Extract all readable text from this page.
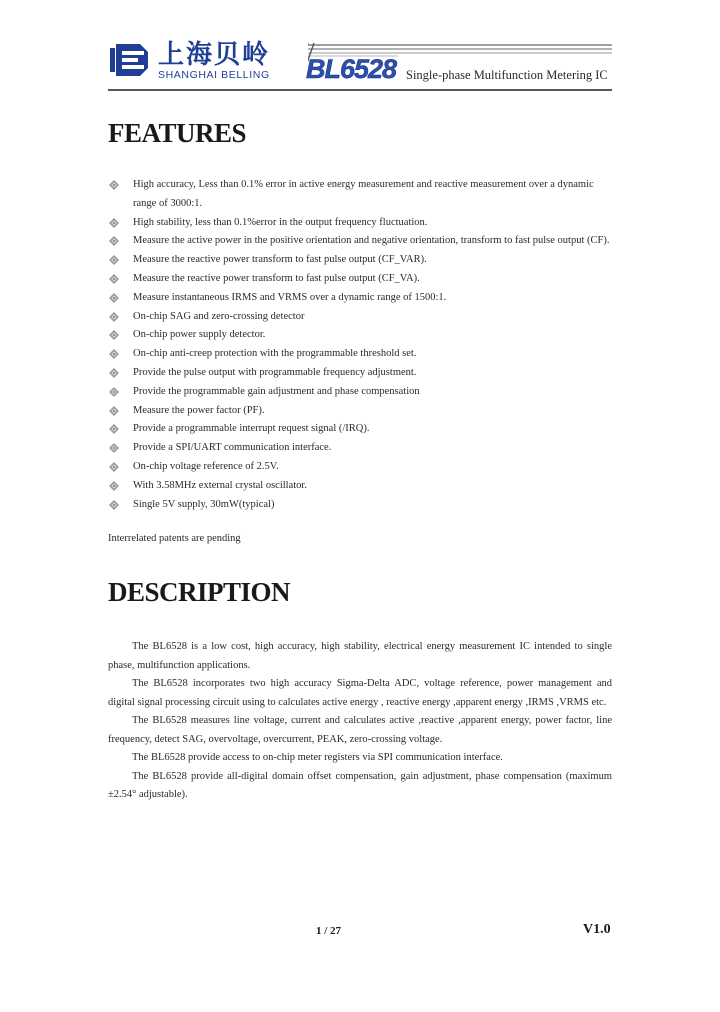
上海贝岭
SHANGHAI BELLING BL6528 Single-phase Multifunction Metering IC
FEATURES
High accuracy, Less than 0.1% error in active energy measurement and reactive measurement over a dynamic range of 3000:1.
High stability, less than 0.1%error in the output frequency fluctuation.
Measure the active power in the positive orientation and negative orientation, transform to fast pulse output (CF).
Measure the reactive power transform to fast pulse output (CF_VAR).
Measure the reactive power transform to fast pulse output (CF_VA).
Measure instantaneous IRMS and VRMS over a dynamic range of 1500:1.
On-chip SAG and zero-crossing detector
On-chip power supply detector.
On-chip anti-creep protection with the programmable threshold set.
Provide the pulse output with programmable frequency adjustment.
Provide the programmable gain adjustment and phase compensation
Measure the power factor (PF).
Provide a programmable interrupt request signal (/IRQ).
Provide a SPI/UART communication interface.
On-chip voltage reference of 2.5V.
With 3.58MHz external crystal oscillator.
Single 5V supply, 30mW(typical)
Interrelated patents are pending
DESCRIPTION

The BL6528 is a low cost, high accuracy, high stability, electrical energy measurement IC intended to single phase, multifunction applications.

The BL6528 incorporates two high accuracy Sigma-Delta ADC, voltage reference, power management and digital signal processing circuit using to calculates active energy , reactive energy ,apparent energy ,IRMS ,VRMS etc.

The BL6528 measures line voltage, current and calculates active ,reactive ,apparent energy, power factor, line frequency, detect SAG, overvoltage, overcurrent, PEAK, zero-crossing voltage.

The BL6528 provide access to on-chip meter registers via SPI communication interface.

The BL6528 provide all-digital domain offset compensation, gain adjustment, phase compensation (maximum ±2.54° adjustable).

1 / 27	V1.0
